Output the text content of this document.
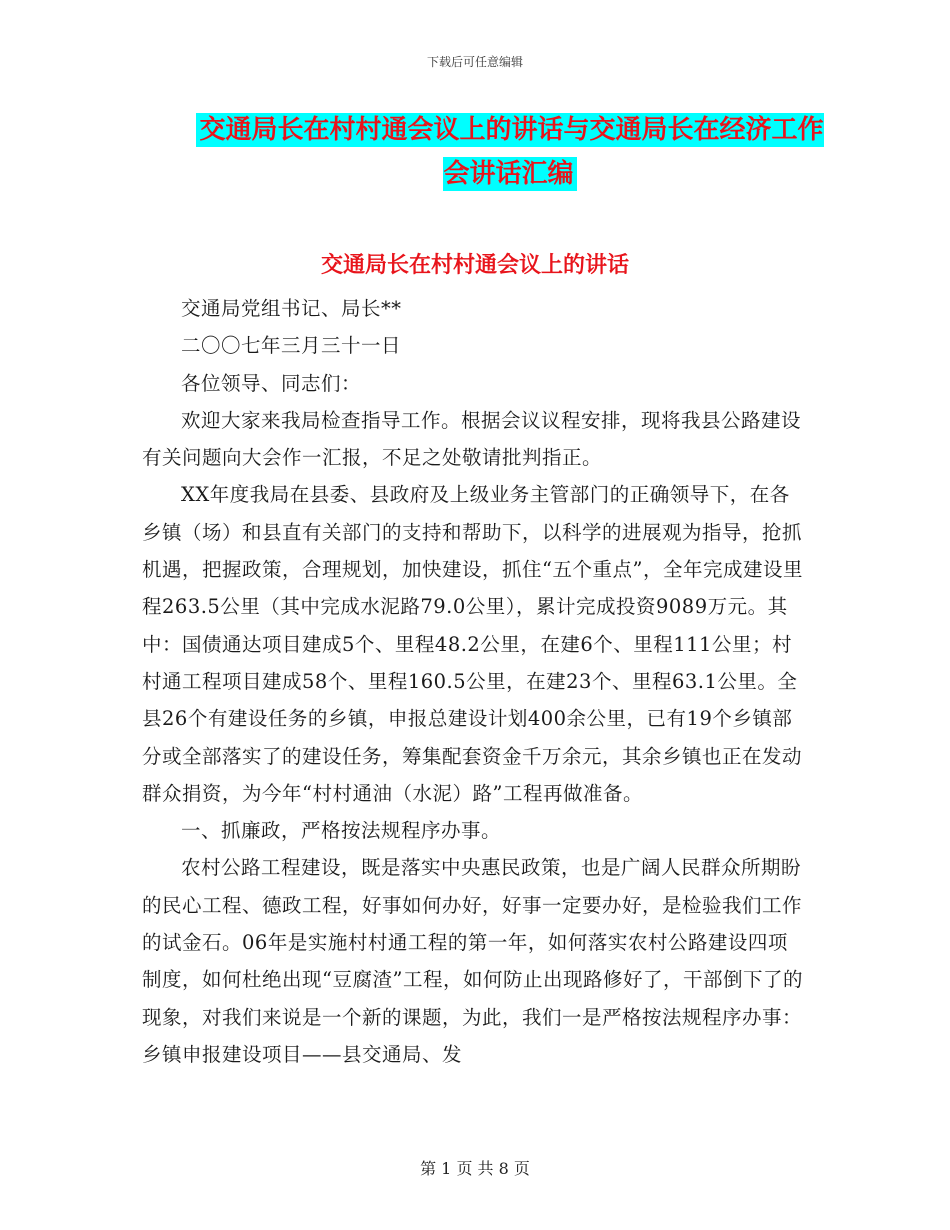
下载后可任意编辑
交通局长在村村通会议上的讲话与交通局长在经济工作会讲话汇编
交通局长在村村通会议上的讲话

交通局党组书记、局长**

二〇〇七年三月三十一日

各位领导、同志们：

欢迎大家来我局检查指导工作。根据会议议程安排，现将我县公路建设有关问题向大会作一汇报，不足之处敬请批判指正。

XX年度我局在县委、县政府及上级业务主管部门的正确领导下，在各乡镇（场）和县直有关部门的支持和帮助下，以科学的进展观为指导，抢抓机遇，把握政策，合理规划，加快建设，抓住“五个重点”，全年完成建设里程263.5公里（其中完成水泥路79.0公里），累计完成投资9089万元。其中：国债通达项目建成5个、里程48.2公里，在建6个、里程111公里；村村通工程项目建成58个、里程160.5公里，在建23个、里程63.1公里。全县26个有建设任务的乡镇，申报总建设计划400余公里，已有19个乡镇部分或全部落实了的建设任务，筹集配套资金千万余元，其余乡镇也正在发动群众捐资，为今年“村村通油（水泥）路”工程再做准备。

一、抓廉政，严格按法规程序办事。

农村公路工程建设，既是落实中央惠民政策，也是广阔人民群众所期盼的民心工程、德政工程，好事如何办好，好事一定要办好，是检验我们工作的试金石。06年是实施村村通工程的第一年，如何落实农村公路建设四项制度，如何杜绝出现“豆腐渣”工程，如何防止出现路修好了，干部倒下了的现象，对我们来说是一个新的课题，为此，我们一是严格按法规程序办事：乡镇申报建设项目——县交通局、发

第 1 页 共 8 页
